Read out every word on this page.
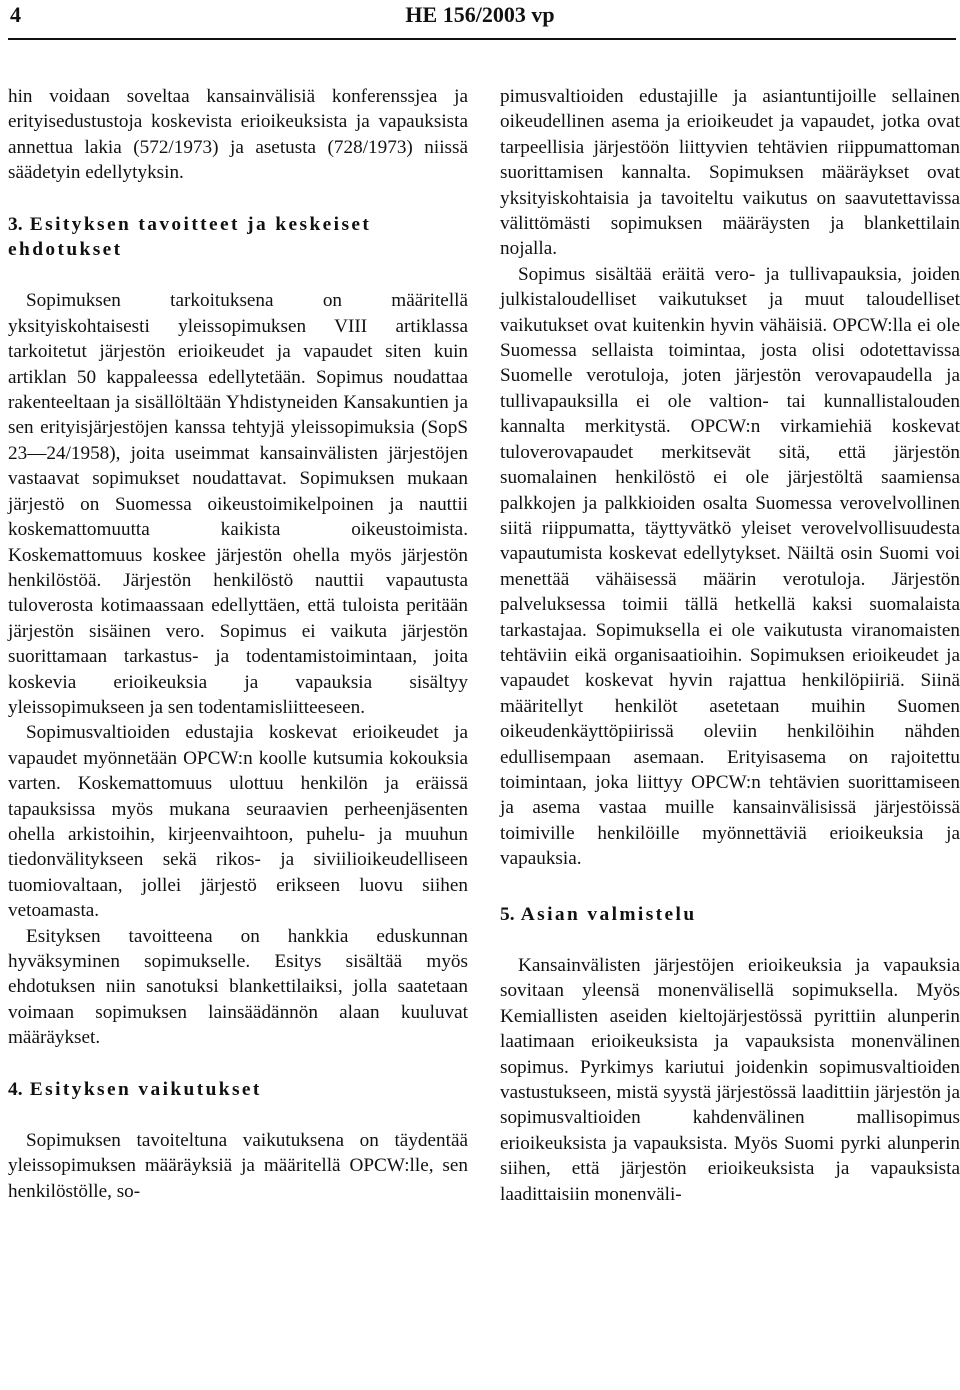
4	HE 156/2003 vp

hin voidaan soveltaa kansainvälisiä konferenssjea ja erityisedustustoja koskevista erioikeuksista ja vapauksista annettua lakia (572/1973) ja asetusta (728/1973) niissä säädetyin edellytyksin.

3. Esityksen tavoitteet ja keskeiset ehdotukset

Sopimuksen tarkoituksena on määritellä yksityiskohtaisesti yleissopimuksen VIII artiklassa tarkoitetut järjestön erioikeudet ja vapaudet siten kuin artiklan 50 kappaleessa edellytetään. Sopimus noudattaa rakenteeltaan ja sisällöltään Yhdistyneiden Kansakuntien ja sen erityisjärjestöjen kanssa tehtyjä yleissopimuksia (SopS 23—24/1958), joita useimmat kansainvälisten järjestöjen vastaavat sopimukset noudattavat. Sopimuksen mukaan järjestö on Suomessa oikeustoimikelpoinen ja nauttii koskemattomuutta kaikista oikeustoimista. Koskemattomuus koskee järjestön ohella myös järjestön henkilöstöä. Järjestön henkilöstö nauttii vapautusta tuloverosta kotimaassaan edellyttäen, että tuloista peritään järjestön sisäinen vero. Sopimus ei vaikuta järjestön suorittamaan tarkastus- ja todentamistoimintaan, joita koskevia erioikeuksia ja vapauksia sisältyy yleissopimukseen ja sen todentamisliitteeseen.

Sopimusvaltioiden edustajia koskevat erioikeudet ja vapaudet myönnetään OPCW:n koolle kutsumia kokouksia varten. Koskemattomuus ulottuu henkilön ja eräissä tapauksissa myös mukana seuraavien perheenjäsenten ohella arkistoihin, kirjeenvaihtoon, puhelu- ja muuhun tiedonvälitykseen sekä rikos- ja siviilioikeudelliseen tuomiovaltaan, jollei järjestö erikseen luovu siihen vetoamasta.

Esityksen tavoitteena on hankkia eduskunnan hyväksyminen sopimukselle. Esitys sisältää myös ehdotuksen niin sanotuksi blankettilaiksi, jolla saatetaan voimaan sopimuksen lainsäädännön alaan kuuluvat määräykset.

4. Esityksen vaikutukset

Sopimuksen tavoiteltuna vaikutuksena on täydentää yleissopimuksen määräyksiä ja määritellä OPCW:lle, sen henkilöstölle, so-

pimusvaltioiden edustajille ja asiantuntijoille sellainen oikeudellinen asema ja erioikeudet ja vapaudet, jotka ovat tarpeellisia järjestöön liittyvien tehtävien riippumattoman suorittamisen kannalta. Sopimuksen määräykset ovat yksityiskohtaisia ja tavoiteltu vaikutus on saavutettavissa välittömästi sopimuksen määräysten ja blankettilain nojalla.

Sopimus sisältää eräitä vero- ja tullivapauksia, joiden julkistaloudelliset vaikutukset ja muut taloudelliset vaikutukset ovat kuitenkin hyvin vähäisiä. OPCW:lla ei ole Suomessa sellaista toimintaa, josta olisi odotettavissa Suomelle verotuloja, joten järjestön verovapaudella ja tullivapauksilla ei ole valtion- tai kunnallistalouden kannalta merkitystä. OPCW:n virkamiehiä koskevat tuloverovapaudet merkitsevät sitä, että järjestön suomalainen henkilöstö ei ole järjestöltä saamiensa palkkojen ja palkkioiden osalta Suomessa verovelvollinen siitä riippumatta, täyttyvätkö yleiset verovelvollisuudesta vapautumista koskevat edellytykset. Näiltä osin Suomi voi menettää vähäisessä määrin verotuloja. Järjestön palveluksessa toimii tällä hetkellä kaksi suomalaista tarkastajaa. Sopimuksella ei ole vaikutusta viranomaisten tehtäviin eikä organisaatioihin. Sopimuksen erioikeudet ja vapaudet koskevat hyvin rajattua henkilöpiiriä. Siinä määritellyt henkilöt asetetaan muihin Suomen oikeudenkäyttöpiirissä oleviin henkilöihin nähden edullisempaan asemaan. Erityisasema on rajoitettu toimintaan, joka liittyy OPCW:n tehtävien suorittamiseen ja asema vastaa muille kansainvälisissä järjestöissä toimiville henkilöille myönnettäviä erioikeuksia ja vapauksia.

5. Asian valmistelu

Kansainvälisten järjestöjen erioikeuksia ja vapauksia sovitaan yleensä monenvälisellä sopimuksella. Myös Kemiallisten aseiden kieltojärjestössä pyrittiin alunperin laatimaan erioikeuksista ja vapauksista monenvälinen sopimus. Pyrkimys kariutui joidenkin sopimusvaltioiden vastustukseen, mistä syystä järjestössä laadittiin järjestön ja sopimusvaltioiden kahdenvälinen mallisopimus erioikeuksista ja vapauksista. Myös Suomi pyrki alunperin siihen, että järjestön erioikeuksista ja vapauksista laadittaisiin monenväli-
